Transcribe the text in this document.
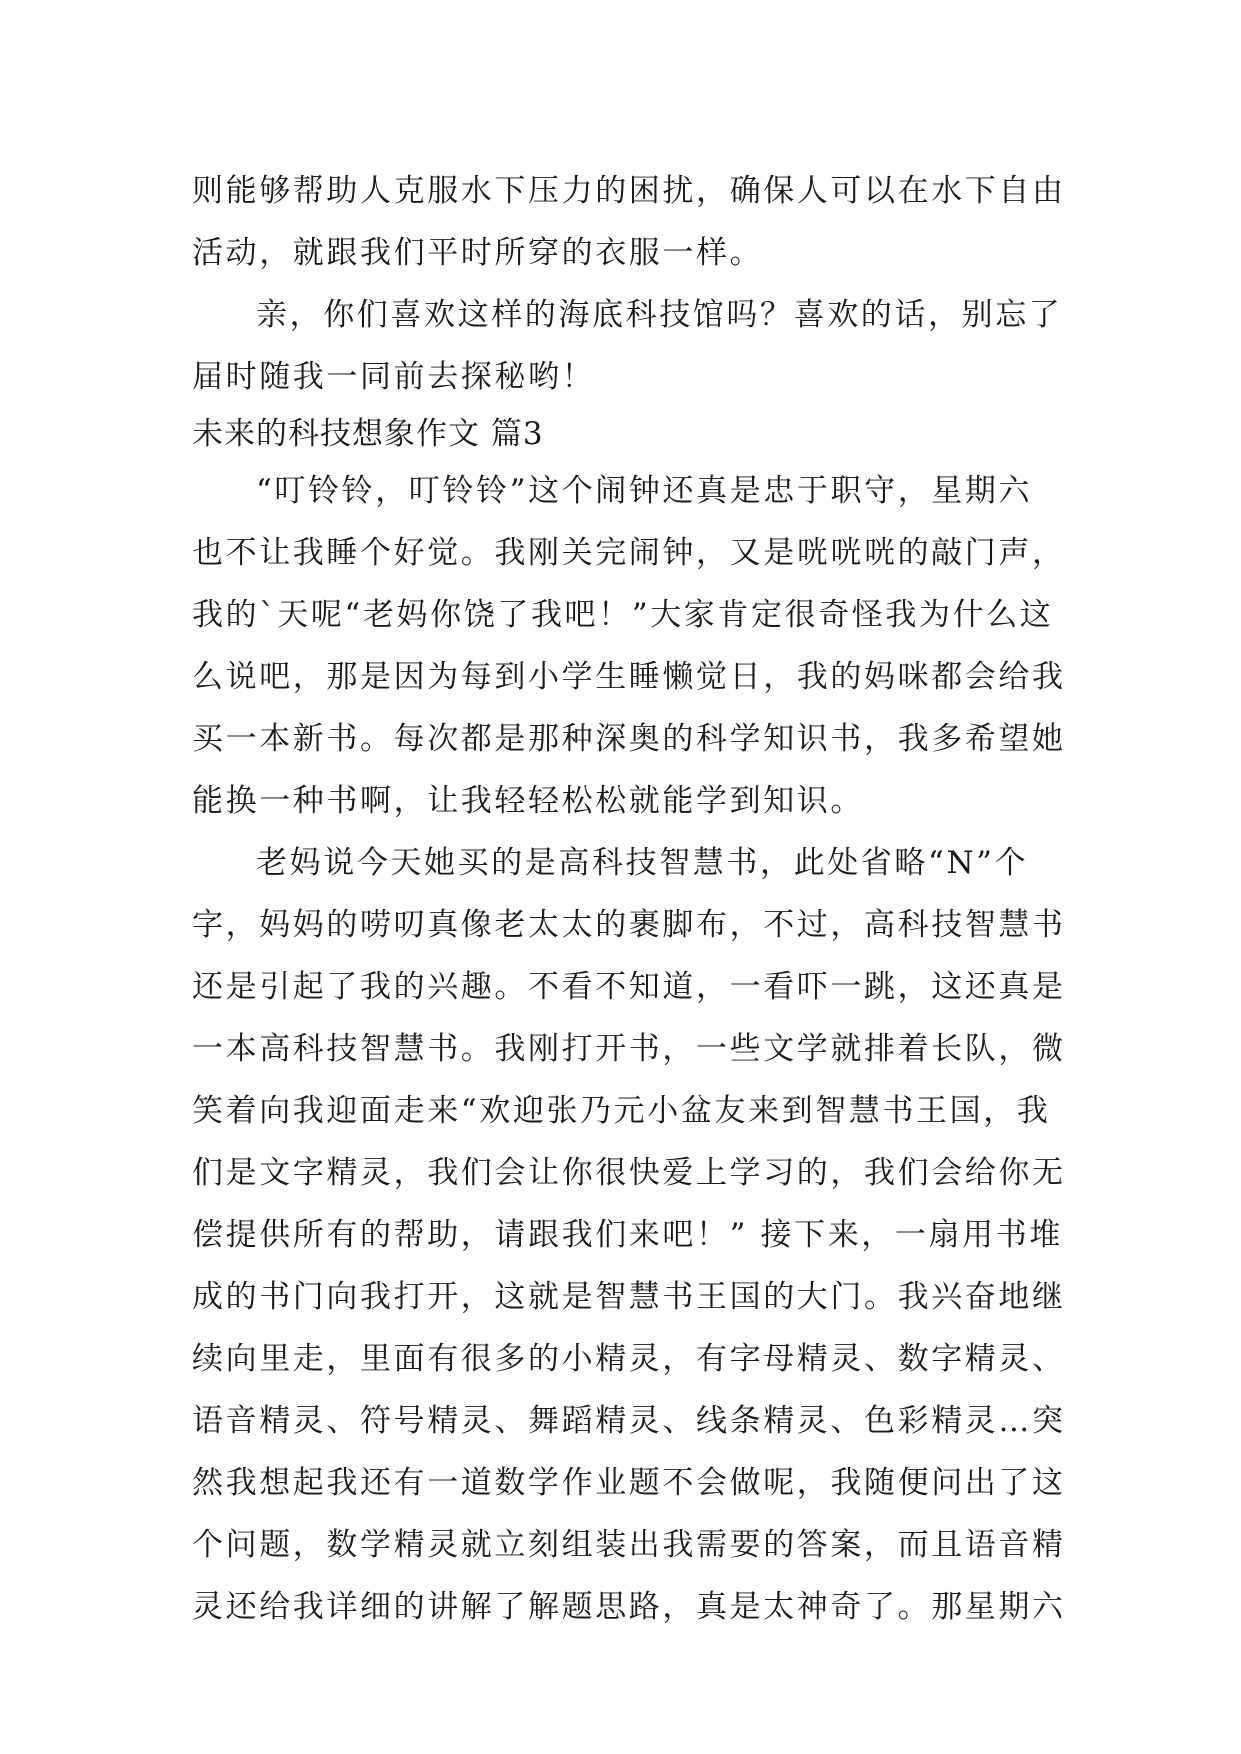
则能够帮助人克服水下压力的困扰，确保人可以在水下自由
活动，就跟我们平时所穿的衣服一样。
亲，你们喜欢这样的海底科技馆吗？喜欢的话，别忘了
届时随我一同前去探秘哟！
未来的科技想象作文 篇3
“叮铃铃，叮铃铃”这个闹钟还真是忠于职守，星期六
也不让我睡个好觉。我刚关完闹钟，又是咣咣咣的敲门声，
我的`天呢“老妈你饶了我吧！”大家肯定很奇怪我为什么这
么说吧，那是因为每到小学生睡懒觉日，我的妈咪都会给我
买一本新书。每次都是那种深奥的科学知识书，我多希望她
能换一种书啊，让我轻轻松松就能学到知识。
老妈说今天她买的是高科技智慧书，此处省略“N”个
字，妈妈的唠叨真像老太太的裹脚布，不过，高科技智慧书
还是引起了我的兴趣。不看不知道，一看吓一跳，这还真是
一本高科技智慧书。我刚打开书，一些文学就排着长队，微
笑着向我迎面走来“欢迎张乃元小盆友来到智慧书王国，我
们是文字精灵，我们会让你很快爱上学习的，我们会给你无
偿提供所有的帮助，请跟我们来吧！” 接下来，一扇用书堆
成的书门向我打开，这就是智慧书王国的大门。我兴奋地继
续向里走，里面有很多的小精灵，有字母精灵、数字精灵、
语音精灵、符号精灵、舞蹈精灵、线条精灵、色彩精灵…突
然我想起我还有一道数学作业题不会做呢，我随便问出了这
个问题，数学精灵就立刻组装出我需要的答案，而且语音精
灵还给我详细的讲解了解题思路，真是太神奇了。那星期六
